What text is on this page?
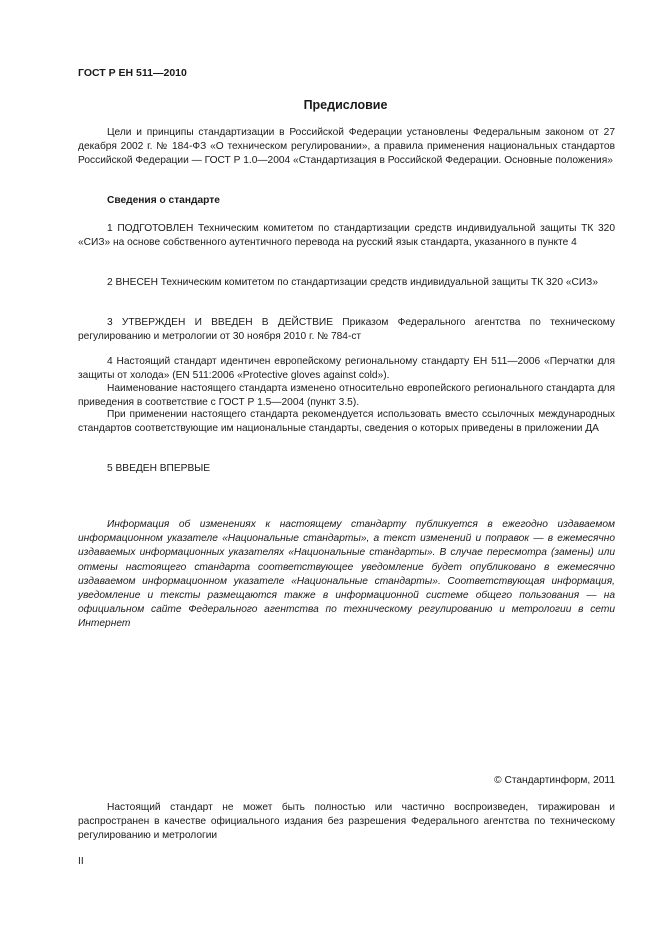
ГОСТ Р ЕН 511—2010
Предисловие
Цели и принципы стандартизации в Российской Федерации установлены Федеральным законом от 27 декабря 2002 г. № 184-ФЗ «О техническом регулировании», а правила применения национальных стандартов Российской Федерации — ГОСТ Р 1.0—2004 «Стандартизация в Российской Федерации. Основные положения»
Сведения о стандарте
1 ПОДГОТОВЛЕН Техническим комитетом по стандартизации средств индивидуальной защиты ТК 320 «СИЗ» на основе собственного аутентичного перевода на русский язык стандарта, указанного в пункте 4
2 ВНЕСЕН Техническим комитетом по стандартизации средств индивидуальной защиты ТК 320 «СИЗ»
3 УТВЕРЖДЕН И ВВЕДЕН В ДЕЙСТВИЕ Приказом Федерального агентства по техническому регулированию и метрологии от 30 ноября 2010 г. № 784-ст
4 Настоящий стандарт идентичен европейскому региональному стандарту ЕН 511—2006 «Перчатки для защиты от холода» (EN 511:2006 «Protective gloves against cold»).
Наименование настоящего стандарта изменено относительно европейского регионального стандарта для приведения в соответствие с ГОСТ Р 1.5—2004 (пункт 3.5).
При применении настоящего стандарта рекомендуется использовать вместо ссылочных международных стандартов соответствующие им национальные стандарты, сведения о которых приведены в приложении ДА
5 ВВЕДЕН ВПЕРВЫЕ
Информация об изменениях к настоящему стандарту публикуется в ежегодно издаваемом информационном указателе «Национальные стандарты», а текст изменений и поправок — в ежемесячно издаваемых информационных указателях «Национальные стандарты». В случае пересмотра (замены) или отмены настоящего стандарта соответствующее уведомление будет опубликовано в ежемесячно издаваемом информационном указателе «Национальные стандарты». Соответствующая информация, уведомление и тексты размещаются также в информационной системе общего пользования — на официальном сайте Федерального агентства по техническому регулированию и метрологии в сети Интернет
© Стандартинформ, 2011
Настоящий стандарт не может быть полностью или частично воспроизведен, тиражирован и распространен в качестве официального издания без разрешения Федерального агентства по техническому регулированию и метрологии
II
